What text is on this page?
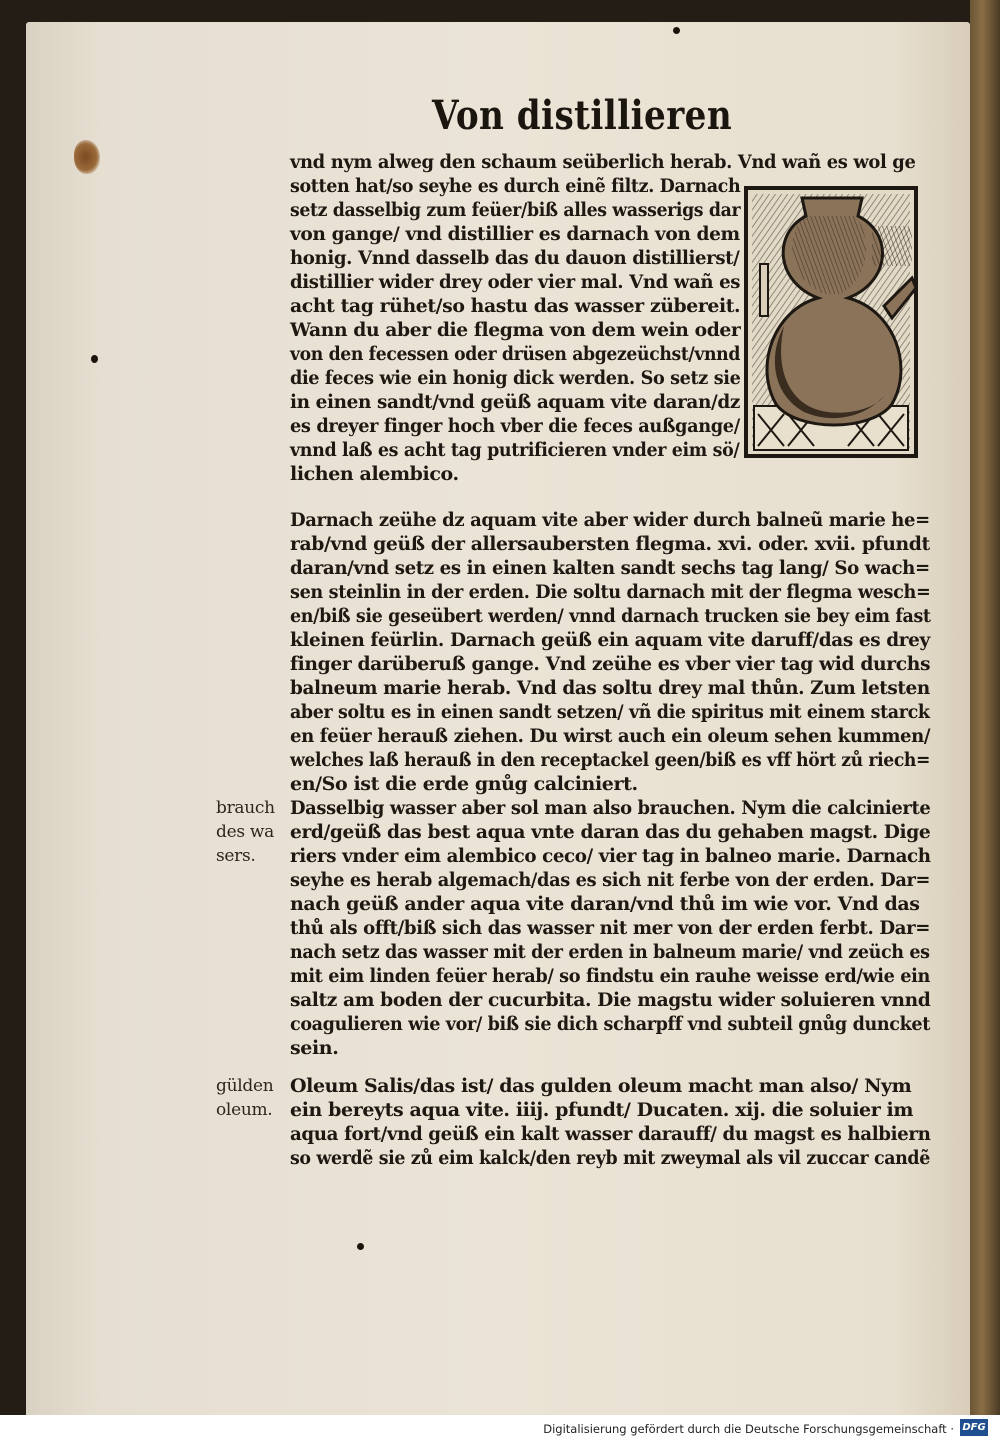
Von distillieren
vnd nym alweg den schaum seüberlich herab. Vnd wañ es wol ge
sotten hat/so seyhe es durch einẽ filtz. Darnach
setz dasselbig zum feüer/biß alles wasserigs dar
von gange/ vnd distillier es darnach von dem
honig. Vnnd dasselb das du dauon distillierst/
distillier wider drey oder vier mal. Vnd wañ es
acht tag rühet/so hastu das wasser zübereit.
Wann du aber die flegma von dem wein oder
von den fecessen oder drüsen abgezeüchst/vnnd
die feces wie ein honig dick werden. So setz sie
in einen sandt/vnd geüß aquam vite daran/dz
es dreyer finger hoch vber die feces außgange/
vnnd laß es acht tag putrificieren vnder eim sö/
lichen alembico.
Darnach zeühe dz aquam vite aber wider durch balneũ marie he=
rab/vnd geüß der allersaubersten flegma. xvi. oder. xvii. pfundt
daran/vnd setz es in einen kalten sandt sechs tag lang/ So wach=
sen steinlin in der erden. Die soltu darnach mit der flegma wesch=
en/biß sie geseübert werden/ vnnd darnach trucken sie bey eim fast
kleinen feürlin. Darnach geüß ein aquam vite daruff/das es drey
finger darüberuß gange. Vnd zeühe es vber vier tag wid durchs
balneum marie herab. Vnd das soltu drey mal thůn. Zum letsten
aber soltu es in einen sandt setzen/ vñ die spiritus mit einem starck
en feüer herauß ziehen. Du wirst auch ein oleum sehen kummen/
welches laß herauß in den receptackel geen/biß es vff hört zů riech=
en/So ist die erde gnůg calciniert.
Dasselbig wasser aber sol man also brauchen. Nym die calcinierte
erd/geüß das best aqua vnte daran das du gehaben magst. Dige
riers vnder eim alembico ceco/ vier tag in balneo marie. Darnach
seyhe es herab algemach/das es sich nit ferbe von der erden. Dar=
nach geüß ander aqua vite daran/vnd thů im wie vor. Vnd das
thů als offt/biß sich das wasser nit mer von der erden ferbt. Dar=
nach setz das wasser mit der erden in balneum marie/ vnd zeüch es
mit eim linden feüer herab/ so findstu ein rauhe weisse erd/wie ein
saltz am boden der cucurbita. Die magstu wider soluieren vnnd
coagulieren wie vor/ biß sie dich scharpff vnd subteil gnůg duncket
sein.
Oleum Salis/das ist/ das gulden oleum macht man also/ Nym
ein bereyts aqua vite. iiij. pfundt/ Ducaten. xij. die soluier im
aqua fort/vnd geüß ein kalt wasser darauff/ du magst es halbiern
so werdẽ sie zů eim kalck/den reyb mit zweymal als vil zuccar candẽ
brauch
des wa
sers.
gülden
oleum.
Digitalisierung gefördert durch die Deutsche Forschungsgemeinschaft · DFG
